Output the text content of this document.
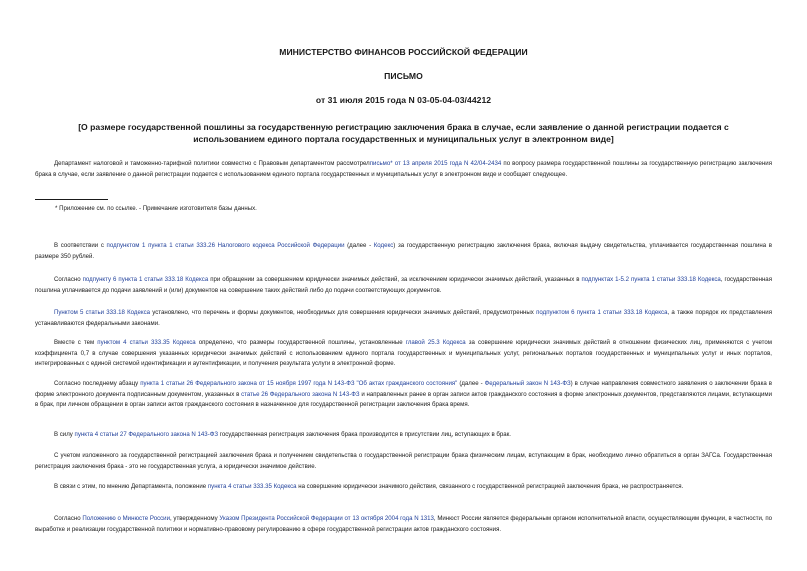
МИНИСТЕРСТВО ФИНАНСОВ РОССИЙСКОЙ ФЕДЕРАЦИИ
ПИСЬМО
от 31 июля 2015 года N 03-05-04-03/44212
[О размере государственной пошлины за государственную регистрацию заключения брака в случае, если заявление о данной регистрации подается с использованием единого портала государственных и муниципальных услуг в электронном виде]

Департамент налоговой и таможенно-тарифной политики совместно с Правовым департаментом рассмотрелписьмо* от 13 апреля 2015 года N 42/04-2434 по вопросу размера государственной пошлины за государственную регистрацию заключения брака в случае, если заявление о данной регистрации подается с использованием единого портала государственных и муниципальных услуг в электронном виде и сообщает следующее.

* Приложение см. по ссылке. - Примечание изготовителя базы данных.

В соответствии с подпунктом 1 пункта 1 статьи 333.26 Налогового кодекса Российской Федерации (далее - Кодекс) за государственную регистрацию заключения брака, включая выдачу свидетельства, уплачивается государственная пошлина в размере 350 рублей.

Согласно подпункту 6 пункта 1 статьи 333.18 Кодекса при обращении за совершением юридически значимых действий, за исключением юридически значимых действий, указанных в подпунктах 1-5.2 пункта 1 статьи 333.18 Кодекса, государственная пошлина уплачивается до подачи заявлений и (или) документов на совершение таких действий либо до подачи соответствующих документов.

Пунктом 5 статьи 333.18 Кодекса установлено, что перечень и формы документов, необходимых для совершения юридически значимых действий, предусмотренных подпунктом 6 пункта 1 статьи 333.18 Кодекса, а также порядок их представления устанавливаются федеральными законами.

Вместе с тем пунктом 4 статьи 333.35 Кодекса определено, что размеры государственной пошлины, установленные главой 25.3 Кодекса за совершение юридически значимых действий в отношении физических лиц, применяются с учетом коэффициента 0,7 в случае совершения указанных юридически значимых действий с использованием единого портала государственных и муниципальных услуг, региональных порталов государственных и муниципальных услуг и иных порталов, интегрированных с единой системой идентификации и аутентификации, и получения результата услуги в электронной форме.

Согласно последнему абзацу пункта 1 статьи 26 Федерального закона от 15 ноября 1997 года N 143-ФЗ "Об актах гражданского состояния" (далее - Федеральный закон N 143-ФЗ) в случае направления совместного заявления о заключении брака в форме электронного документа подписанным документом, указанных в статье 26 Федерального закона N 143-ФЗ и направленных ранее в орган записи актов гражданского состояния в форме электронных документов, представляются лицами, вступающими в брак, при личном обращении в орган записи актов гражданского состояния в назначенное для государственной регистрации заключения брака время.

В силу пункта 4 статьи 27 Федерального закона N 143-ФЗ государственная регистрация заключения брака производится в присутствии лиц, вступающих в брак.

С учетом изложенного за государственной регистрацией заключения брака и получением свидетельства о государственной регистрации брака физическим лицам, вступающим в брак, необходимо лично обратиться в орган ЗАГСа. Государственная регистрация заключения брака - это не государственная услуга, а юридически значимое действие.

В связи с этим, по мнению Департамента, положение пункта 4 статьи 333.35 Кодекса на совершение юридически значимого действия, связанного с государственной регистрацией заключения брака, не распространяется.

Согласно Положению о Минюсте России, утвержденному Указом Президента Российской Федерации от 13 октября 2004 года N 1313, Минюст России является федеральным органом исполнительной власти, осуществляющим функции, в частности, по выработке и реализации государственной политики и нормативно-правовому регулированию в сфере государственной регистрации актов гражданского состояния.
